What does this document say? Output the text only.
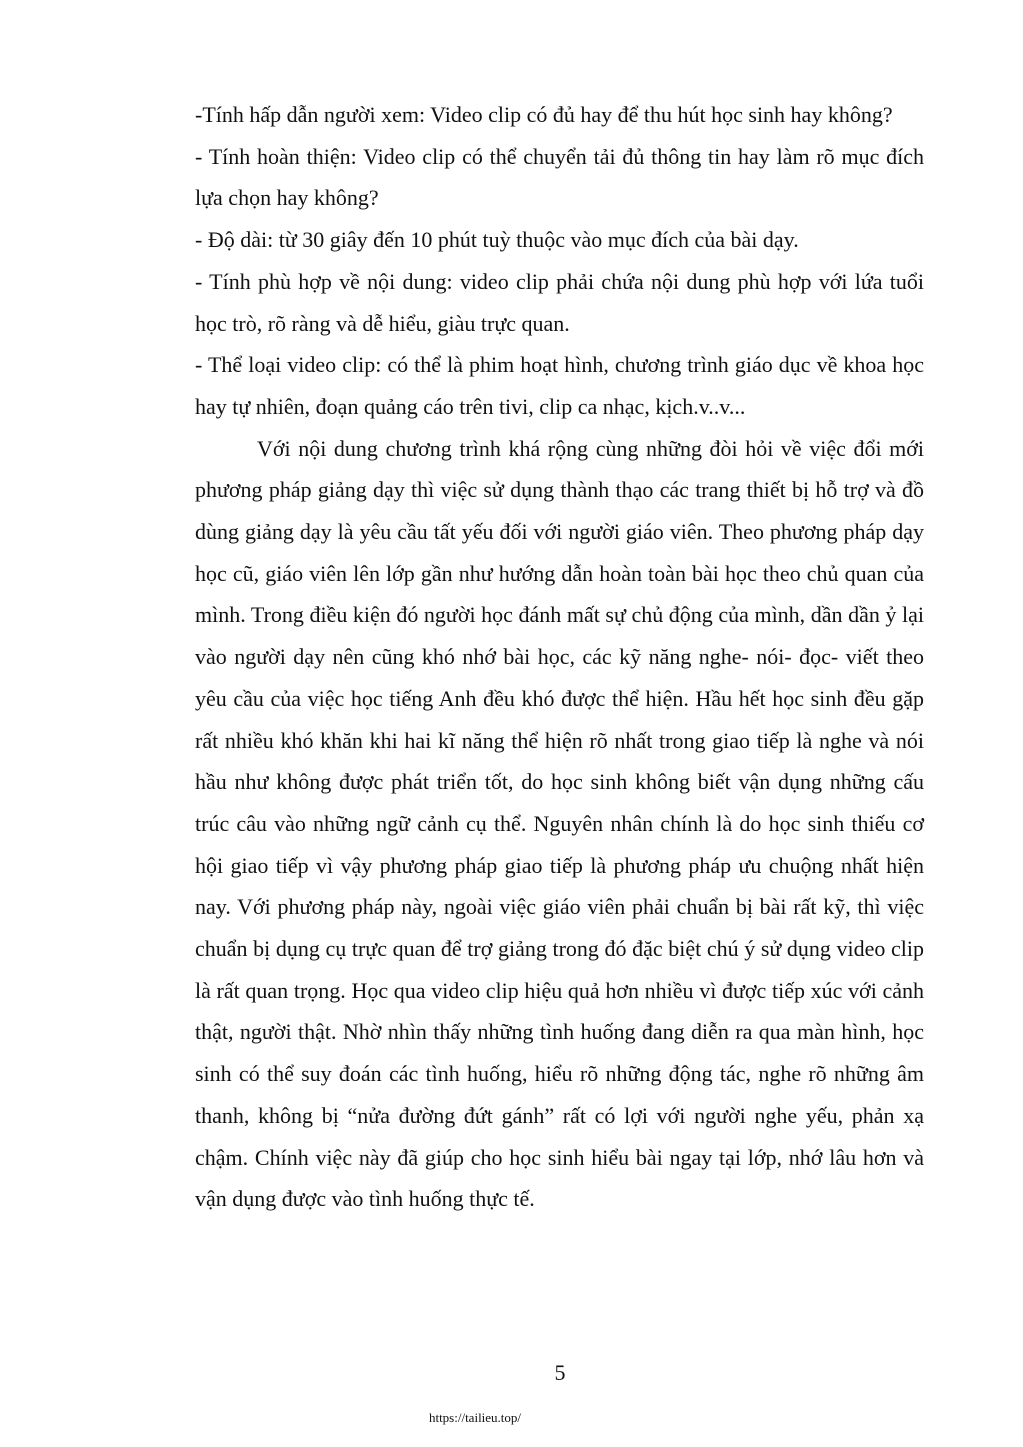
-Tính hấp dẫn người xem: Video clip có đủ hay để thu hút học sinh hay không?

- Tính hoàn thiện: Video clip có thể chuyển tải đủ thông tin hay làm rõ mục đích lựa chọn hay không?

- Độ dài: từ 30 giây đến 10 phút tuỳ thuộc vào mục đích của bài dạy.

- Tính phù hợp về nội dung: video clip phải chứa nội dung phù hợp với lứa tuổi học trò, rõ ràng và dễ hiểu, giàu trực quan.

- Thể loại video clip: có thể là phim hoạt hình, chương trình giáo dục về khoa học hay tự nhiên, đoạn quảng cáo trên tivi, clip ca nhạc, kịch.v..v...

Với nội dung chương trình khá rộng cùng những đòi hỏi về việc đổi mới phương pháp giảng dạy thì việc sử dụng thành thạo các trang thiết bị hỗ trợ và đồ dùng giảng dạy là yêu cầu tất yếu đối với người giáo viên. Theo phương pháp dạy học cũ, giáo viên lên lớp gần như hướng dẫn hoàn toàn bài học theo chủ quan của mình. Trong điều kiện đó người học đánh mất sự chủ động của mình, dần dần ỷ lại vào người dạy nên cũng khó nhớ bài học, các kỹ năng nghe- nói- đọc- viết theo yêu cầu của việc học tiếng Anh đều khó được thể hiện. Hầu hết học sinh đều gặp rất nhiều khó khăn khi hai kĩ năng thể hiện rõ nhất trong giao tiếp là nghe và nói hầu như không được phát triển tốt, do học sinh không biết vận dụng những cấu trúc câu vào những ngữ cảnh cụ thể. Nguyên nhân chính là do học sinh thiếu cơ hội giao tiếp vì vậy phương pháp giao tiếp là phương pháp ưu chuộng nhất hiện nay. Với phương pháp này, ngoài việc giáo viên phải chuẩn bị bài rất kỹ, thì việc chuẩn bị dụng cụ trực quan để trợ giảng trong đó đặc biệt chú ý sử dụng video clip là rất quan trọng. Học qua video clip hiệu quả hơn nhiều vì được tiếp xúc với cảnh thật, người thật. Nhờ nhìn thấy những tình huống đang diễn ra qua màn hình, học sinh có thể suy đoán các tình huống, hiểu rõ những động tác, nghe rõ những âm thanh, không bị “nửa đường đứt gánh” rất có lợi với người nghe yếu, phản xạ chậm. Chính việc này đã giúp cho học sinh hiểu bài ngay tại lớp, nhớ lâu hơn và vận dụng được vào tình huống thực tế.

5
https://tailieu.top/
